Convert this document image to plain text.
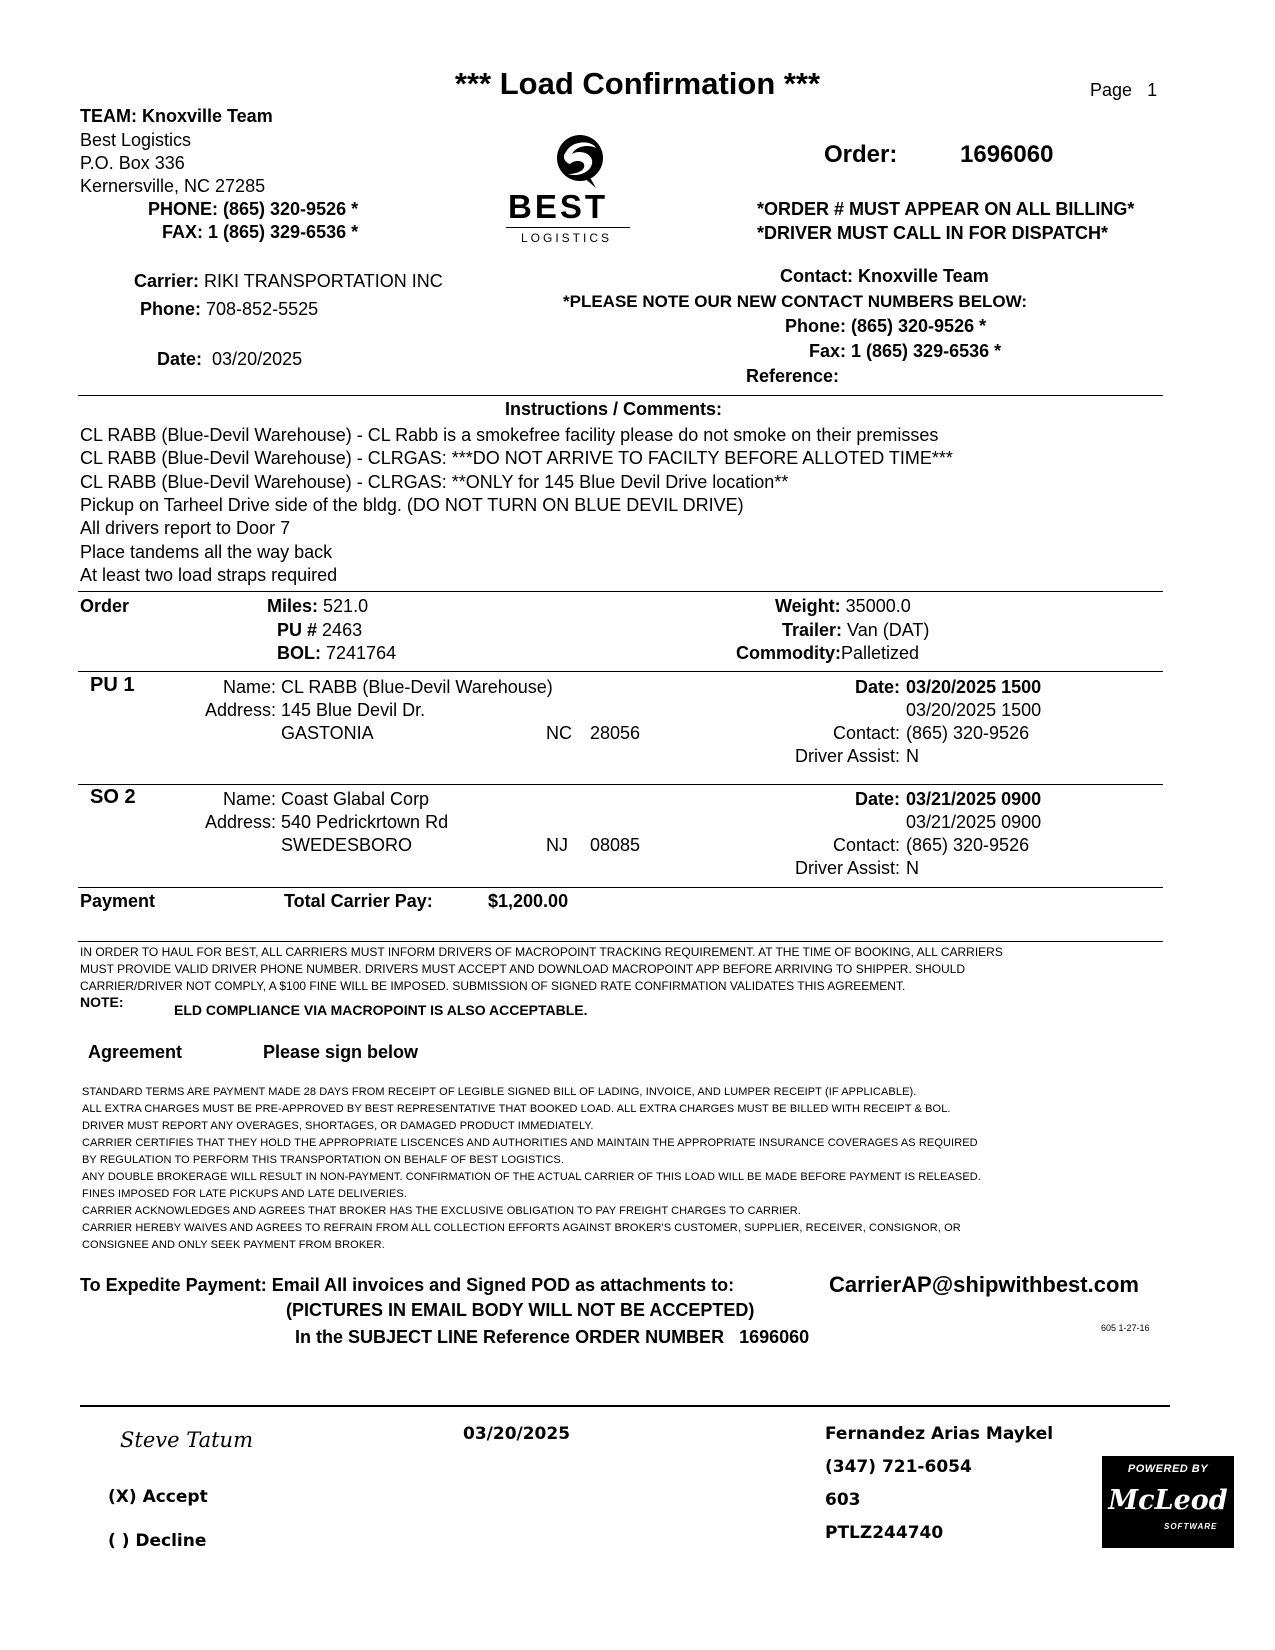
*** Load Confirmation ***	Page 1
TEAM: Knoxville Team
Best Logistics
P.O. Box 336
Kernersville, NC 27285
PHONE: (865) 320-9526 *
FAX: 1 (865) 329-6536 *
BEST
LOGISTICS
Order:	1696060
*ORDER # MUST APPEAR ON ALL BILLING*
*DRIVER MUST CALL IN FOR DISPATCH*
Carrier: RIKI TRANSPORTATION INC
Phone: 708-852-5525
Date: 03/20/2025
Contact: Knoxville Team
*PLEASE NOTE OUR NEW CONTACT NUMBERS BELOW:
Phone: (865) 320-9526 *
Fax: 1 (865) 329-6536 *
Reference:
Instructions / Comments:
CL RABB (Blue-Devil Warehouse) - CL Rabb is a smokefree facility please do not smoke on their premisses
CL RABB (Blue-Devil Warehouse) - CLRGAS: ***DO NOT ARRIVE TO FACILTY BEFORE ALLOTED TIME***
CL RABB (Blue-Devil Warehouse) - CLRGAS: **ONLY for 145 Blue Devil Drive location**
Pickup on Tarheel Drive side of the bldg. (DO NOT TURN ON BLUE DEVIL DRIVE)
All drivers report to Door 7
Place tandems all the way back
At least two load straps required
Order	Miles: 521.0
PU # 2463
BOL: 7241764
Weight: 35000.0
Trailer: Van (DAT)
Commodity:Palletized
PU 1	Name: CL RABB (Blue-Devil Warehouse)
Address: 145 Blue Devil Dr.
GASTONIA	NC 28056
Date: 03/20/2025 1500
03/20/2025 1500
Contact: (865) 320-9526
Driver Assist: N
SO 2	Name: Coast Glabal Corp
Address: 540 Pedrickrtown Rd
SWEDESBORO	NJ 08085
Date: 03/21/2025 0900
03/21/2025 0900
Contact: (865) 320-9526
Driver Assist: N
Payment	Total Carrier Pay:	$1,200.00
IN ORDER TO HAUL FOR BEST, ALL CARRIERS MUST INFORM DRIVERS OF MACROPOINT TRACKING REQUIREMENT. AT THE TIME OF BOOKING, ALL CARRIERS
MUST PROVIDE VALID DRIVER PHONE NUMBER. DRIVERS MUST ACCEPT AND DOWNLOAD MACROPOINT APP BEFORE ARRIVING TO SHIPPER. SHOULD
CARRIER/DRIVER NOT COMPLY, A $100 FINE WILL BE IMPOSED. SUBMISSION OF SIGNED RATE CONFIRMATION VALIDATES THIS AGREEMENT.
NOTE:	ELD COMPLIANCE VIA MACROPOINT IS ALSO ACCEPTABLE.
Agreement	Please sign below
STANDARD TERMS ARE PAYMENT MADE 28 DAYS FROM RECEIPT OF LEGIBLE SIGNED BILL OF LADING, INVOICE, AND LUMPER RECEIPT (IF APPLICABLE).
ALL EXTRA CHARGES MUST BE PRE-APPROVED BY BEST REPRESENTATIVE THAT BOOKED LOAD. ALL EXTRA CHARGES MUST BE BILLED WITH RECEIPT & BOL.
DRIVER MUST REPORT ANY OVERAGES, SHORTAGES, OR DAMAGED PRODUCT IMMEDIATELY.
CARRIER CERTIFIES THAT THEY HOLD THE APPROPRIATE LISCENCES AND AUTHORITIES AND MAINTAIN THE APPROPRIATE INSURANCE COVERAGES AS REQUIRED
BY REGULATION TO PERFORM THIS TRANSPORTATION ON BEHALF OF BEST LOGISTICS.
ANY DOUBLE BROKERAGE WILL RESULT IN NON-PAYMENT. CONFIRMATION OF THE ACTUAL CARRIER OF THIS LOAD WILL BE MADE BEFORE PAYMENT IS RELEASED.
FINES IMPOSED FOR LATE PICKUPS AND LATE DELIVERIES.
CARRIER ACKNOWLEDGES AND AGREES THAT BROKER HAS THE EXCLUSIVE OBLIGATION TO PAY FREIGHT CHARGES TO CARRIER.
CARRIER HEREBY WAIVES AND AGREES TO REFRAIN FROM ALL COLLECTION EFFORTS AGAINST BROKER'S CUSTOMER, SUPPLIER, RECEIVER, CONSIGNOR, OR
CONSIGNEE AND ONLY SEEK PAYMENT FROM BROKER.
To Expedite Payment: Email All invoices and Signed POD as attachments to:	CarrierAP@shipwithbest.com
(PICTURES IN EMAIL BODY WILL NOT BE ACCEPTED)
In the SUBJECT LINE Reference ORDER NUMBER 1696060	605 1-27-16
Steve Tatum	03/20/2025
(X) Accept
( ) Decline
Fernandez Arias Maykel
(347) 721-6054
603
PTLZ244740
POWERED BY
McLeod
SOFTWARE
